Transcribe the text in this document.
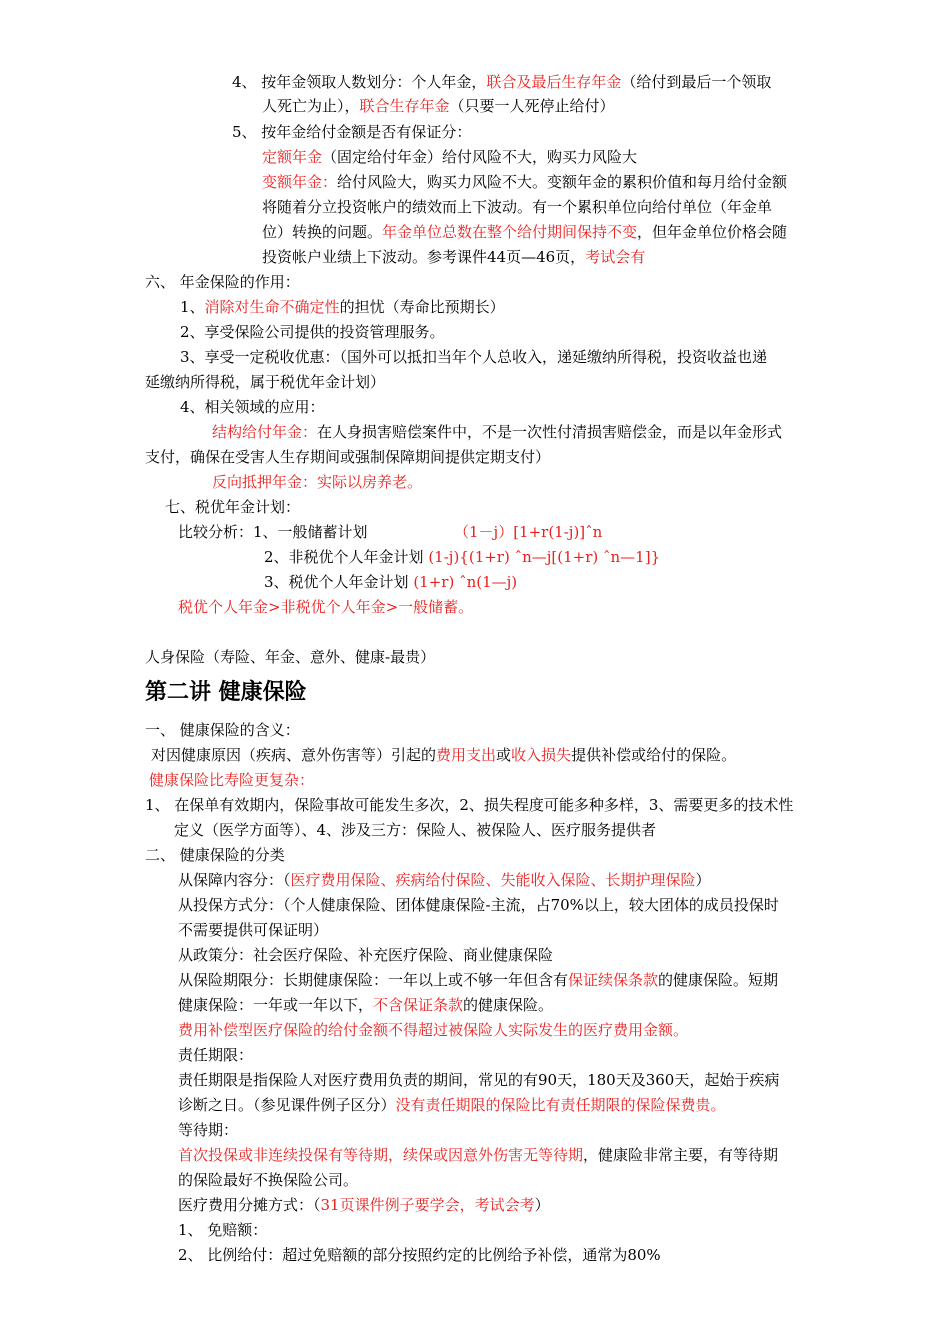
4、 按年金领取人数划分：个人年金，联合及最后生存年金（给付到最后一个领取
人死亡为止），联合生存年金（只要一人死停止给付）
5、 按年金给付金额是否有保证分：
定额年金（固定给付年金）给付风险不大，购买力风险大
变额年金：给付风险大，购买力风险不大。变额年金的累积价值和每月给付金额
将随着分立投资帐户的绩效而上下波动。有一个累积单位向给付单位（年金单
位）转换的问题。年金单位总数在整个给付期间保持不变，但年金单位价格会随
投资帐户业绩上下波动。参考课件44页—46页，考试会有
六、 年金保险的作用：
1、消除对生命不确定性的担忧（寿命比预期长）
2、享受保险公司提供的投资管理服务。
3、享受一定税收优惠：（国外可以抵扣当年个人总收入，递延缴纳所得税，投资收益也递
延缴纳所得税，属于税优年金计划）
4、相关领域的应用：
结构给付年金：在人身损害赔偿案件中，不是一次性付清损害赔偿金，而是以年金形式
支付，确保在受害人生存期间或强制保障期间提供定期支付）
反向抵押年金：实际以房养老。
七、税优年金计划：
比较分析：1、一般储蓄计划	（1－j）[1+r(1-j)]ˆn
2、非税优个人年金计划 (1-j){(1+r) ˆn—j[(1+r) ˆn—1]}
3、税优个人年金计划 (1+r) ˆn(1—j)
税优个人年金>非税优个人年金>一般储蓄。
人身保险（寿险、年金、意外、健康-最贵）
第二讲 健康保险
一、 健康保险的含义：
对因健康原因（疾病、意外伤害等）引起的费用支出或收入损失提供补偿或给付的保险。
健康保险比寿险更复杂：
1、 在保单有效期内，保险事故可能发生多次，2、损失程度可能多种多样，3、需要更多的技术性
定义（医学方面等）、4、涉及三方：保险人、被保险人、医疗服务提供者
二、 健康保险的分类
从保障内容分：（医疗费用保险、疾病给付保险、失能收入保险、长期护理保险）
从投保方式分：（个人健康保险、团体健康保险-主流，占70%以上，较大团体的成员投保时
不需要提供可保证明）
从政策分：社会医疗保险、补充医疗保险、商业健康保险
从保险期限分：长期健康保险：一年以上或不够一年但含有保证续保条款的健康保险。短期
健康保险：一年或一年以下，不含保证条款的健康保险。
费用补偿型医疗保险的给付金额不得超过被保险人实际发生的医疗费用金额。
责任期限：
责任期限是指保险人对医疗费用负责的期间，常见的有90天，180天及360天，起始于疾病
诊断之日。（参见课件例子区分）没有责任期限的保险比有责任期限的保险保费贵。
等待期：
首次投保或非连续投保有等待期，续保或因意外伤害无等待期，健康险非常主要，有等待期
的保险最好不换保险公司。
医疗费用分摊方式：（31页课件例子要学会，考试会考）
1、 免赔额：
2、 比例给付：超过免赔额的部分按照约定的比例给予补偿，通常为80%
